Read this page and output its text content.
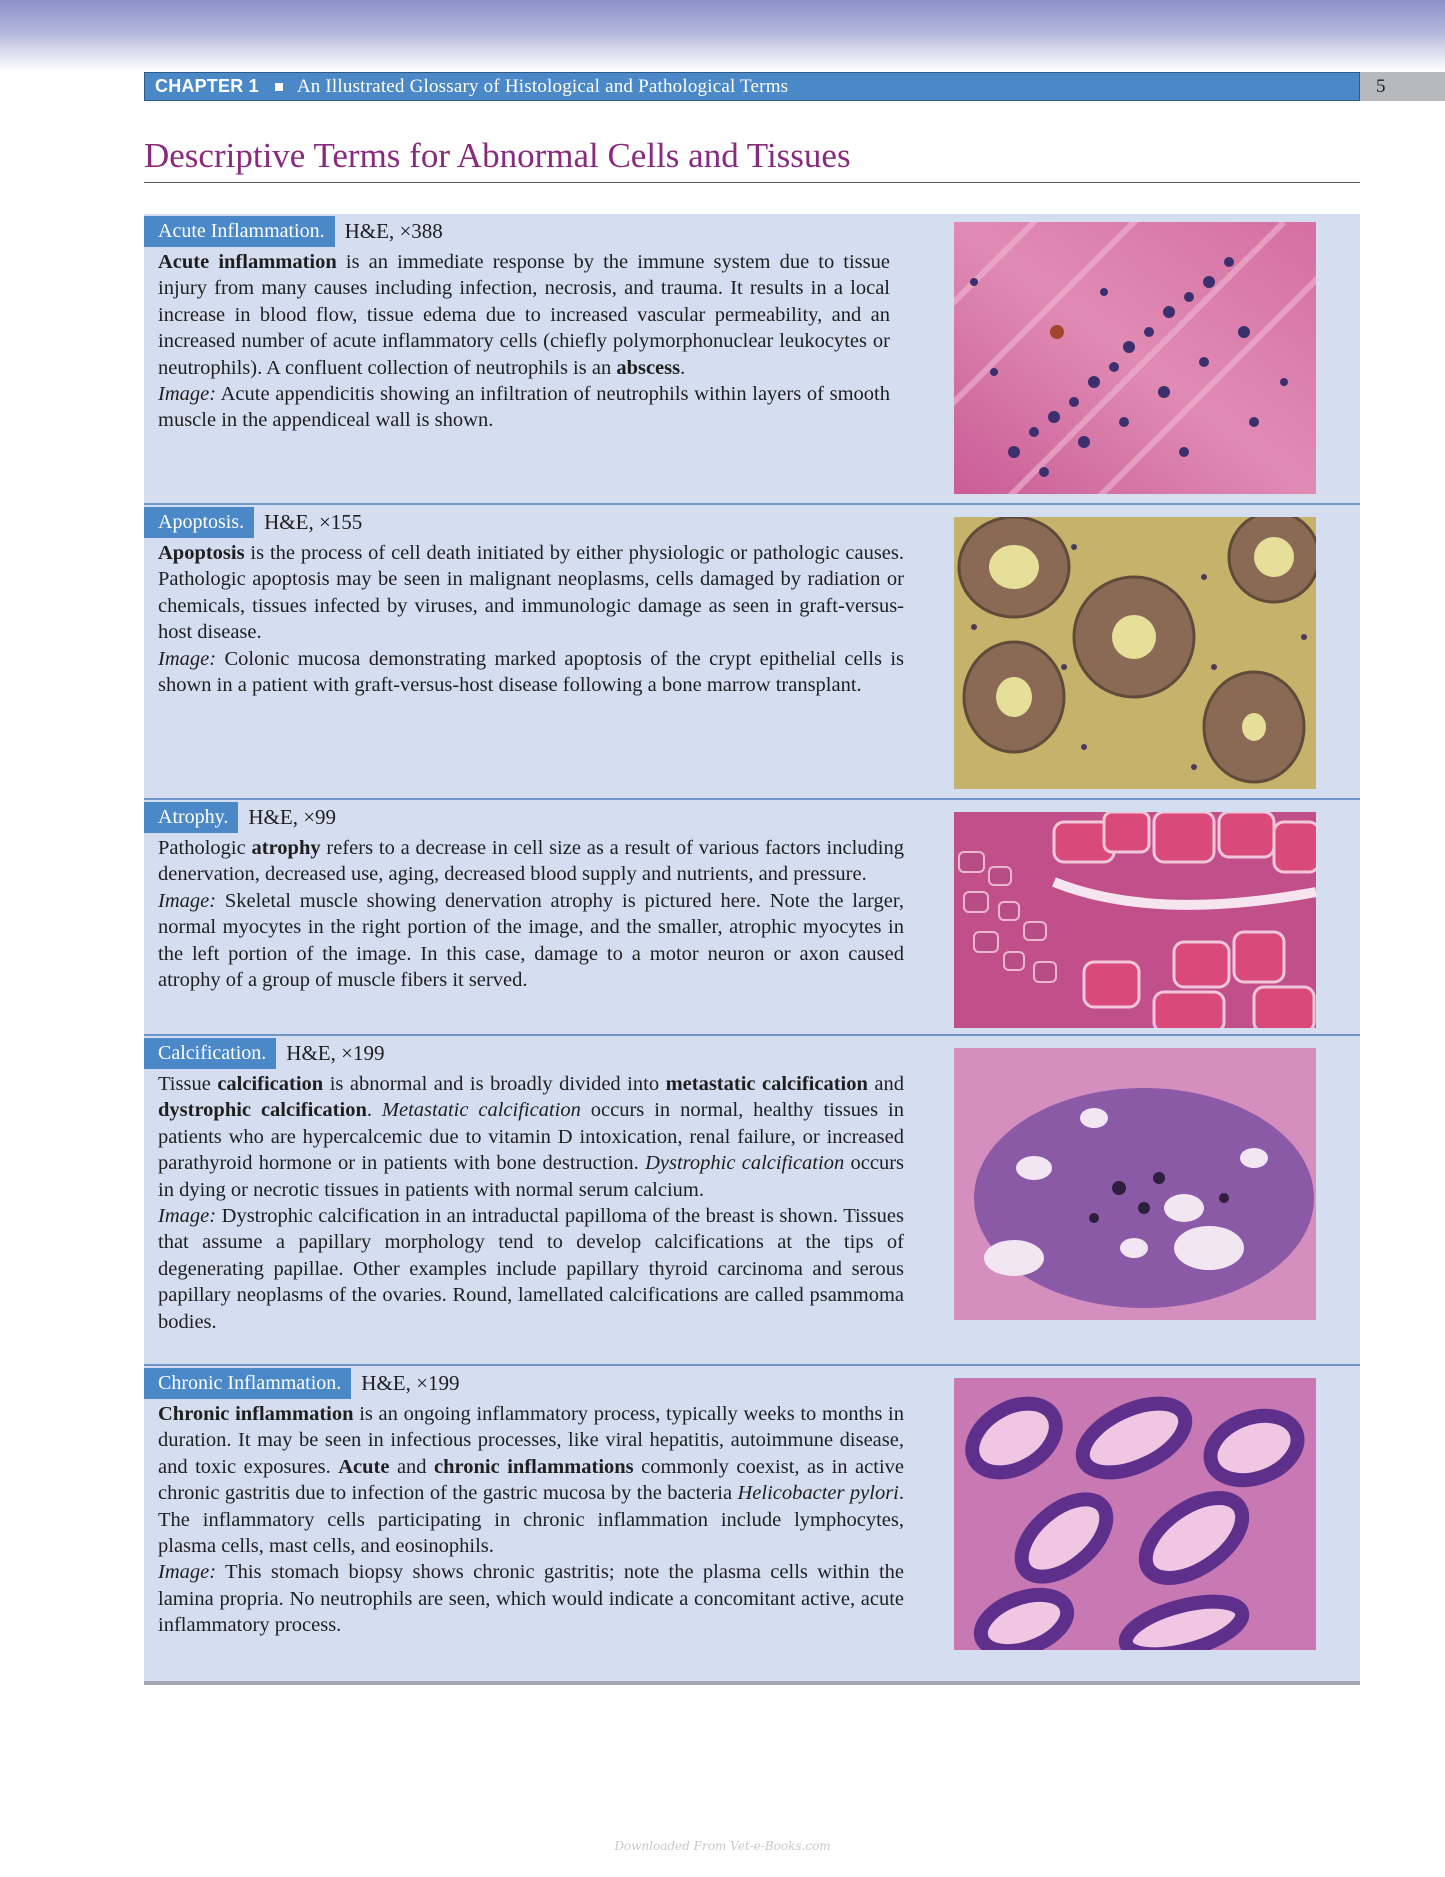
CHAPTER 1 An Illustrated Glossary of Histological and Pathological Terms	5
Descriptive Terms for Abnormal Cells and Tissues
Acute Inflammation. H&E, ×388

Acute inflammation is an immediate response by the immune system due to tissue injury from many causes including infection, necrosis, and trauma. It results in a local increase in blood flow, tissue edema due to increased vascular permeability, and an increased number of acute inflammatory cells (chiefly polymorphonuclear leukocytes or neutrophils). A confluent collection of neutrophils is an abscess.

Image: Acute appendicitis showing an infiltration of neutrophils within layers of smooth muscle in the appendiceal wall is shown.

Apoptosis. H&E, ×155

Apoptosis is the process of cell death initiated by either physiologic or pathologic causes. Pathologic apoptosis may be seen in malignant neoplasms, cells damaged by radiation or chemicals, tissues infected by viruses, and immunologic damage as seen in graft-versus-host disease.

Image: Colonic mucosa demonstrating marked apoptosis of the crypt epithelial cells is shown in a patient with graft-versus-host disease following a bone marrow transplant.

Atrophy. H&E, ×99

Pathologic atrophy refers to a decrease in cell size as a result of various factors including denervation, decreased use, aging, decreased blood supply and nutrients, and pressure.

Image: Skeletal muscle showing denervation atrophy is pictured here. Note the larger, normal myocytes in the right portion of the image, and the smaller, atrophic myocytes in the left portion of the image. In this case, damage to a motor neuron or axon caused atrophy of a group of muscle fibers it served.

Calcification. H&E, ×199

Tissue calcification is abnormal and is broadly divided into metastatic calcification and dystrophic calcification. Metastatic calcification occurs in normal, healthy tissues in patients who are hypercalcemic due to vitamin D intoxication, renal failure, or increased parathyroid hormone or in patients with bone destruction. Dystrophic calcification occurs in dying or necrotic tissues in patients with normal serum calcium.

Image: Dystrophic calcification in an intraductal papilloma of the breast is shown. Tissues that assume a papillary morphology tend to develop calcifications at the tips of degenerating papillae. Other examples include papillary thyroid carcinoma and serous papillary neoplasms of the ovaries. Round, lamellated calcifications are called psammoma bodies.

Chronic Inflammation. H&E, ×199

Chronic inflammation is an ongoing inflammatory process, typically weeks to months in duration. It may be seen in infectious processes, like viral hepatitis, autoimmune disease, and toxic exposures. Acute and chronic inflammations commonly coexist, as in active chronic gastritis due to infection of the gastric mucosa by the bacteria Helicobacter pylori. The inflammatory cells participating in chronic inflammation include lymphocytes, plasma cells, mast cells, and eosinophils.

Image: This stomach biopsy shows chronic gastritis; note the plasma cells within the lamina propria. No neutrophils are seen, which would indicate a concomitant active, acute inflammatory process.

Downloaded From Vet-e-Books.com
